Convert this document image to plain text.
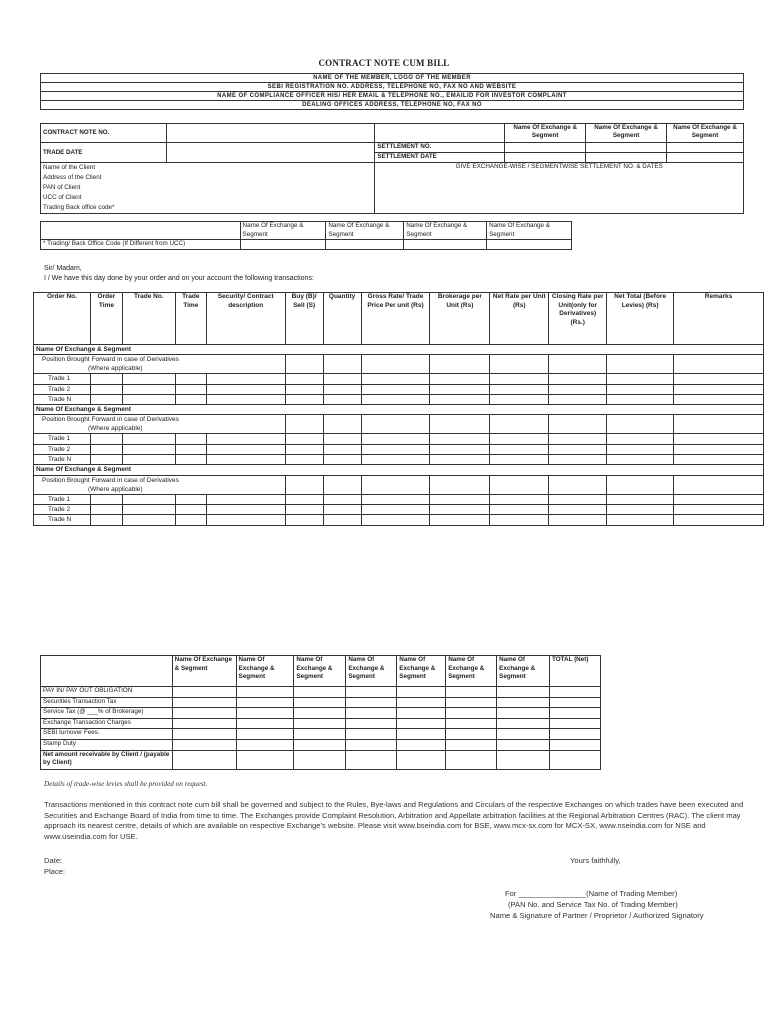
CONTRACT NOTE CUM BILL
NAME OF THE MEMBER, LOGO OF THE MEMBER
SEBI REGISTRATION NO. ADDRESS, TELEPHONE NO, FAX NO AND WEBSITE
NAME OF COMPLIANCE OFFICER HIS/ HER EMAIL & TELEPHONE NO., EMAILID FOR INVESTOR COMPLAINT
DEALING OFFICES ADDRESS, TELEPHONE NO, FAX NO
CONTRACT NOTE NO.			Name Of Exchange & Segment	Name Of Exchange & Segment	Name Of Exchange & Segment
TRADE DATE		SETTLEMENT NO.			
		SETTLEMENT DATE			

Name of the Client
Address of the Client
PAN of Client
UCC of Client
Trading Back office code*		GIVE EXCHANGE-WISE / SEGMENTWISE SETTLEMENT NO. & DATES			
	Name Of Exchange & Segment	Name Of Exchange & Segment	Name Of Exchange & Segment	Name Of Exchange & Segment
* Trading/ Back Office Code (If Different from UCC)				
Sir/ Madam,
I / We have this day done by your order and on your account the following transactions:
Order No.	Order Time	Trade No.	Trade Time	Security/ Contract description	Buy (B)/ Sell (S)	Quantity	Gross Rate/ Trade Price Per unit (Rs)	Brokerage per Unit (Rs)	Net Rate per Unit (Rs)	Closing Rate per Unit(only for Derivatives) (Rs.)	Net Total (Before Levies) (Rs)	Remarks
Name Of Exchange & Segment												

Position Brought Forward in case of Derivatives
(Where applicable)												

Trade 1												
Trade 2												
Trade N												
Name Of Exchange & Segment												

Position Brought Forward in case of Derivatives
(Where applicable)												

Trade 1												
Trade 2												
Trade N												
Name Of Exchange & Segment												

Position Brought Forward in case of Derivatives
(Where applicable)												

Trade 1												
Trade 2												
Trade N												
	Name Of Exchange & Segment	Name Of Exchange & Segment	Name Of Exchange & Segment	Name Of Exchange & Segment	Name Of Exchange & Segment	Name Of Exchange & Segment	Name Of Exchange & Segment	TOTAL (Net)
PAY IN/ PAY OUT OBLIGATION								
Securities Transaction Tax								
Service Tax (@ ___% of Brokerage)								
Exchange Transaction Charges								
SEBI turnover Fees.								
Stamp Duty								
Net amount receivable by Client / (payable by Client)								
Details of trade-wise levies shall be provided on request.
Transactions mentioned in this contract note cum bill shall be governed and subject to the Rules, Bye-laws and Regulations and Circulars of the respective Exchanges on which trades have been executed and Securities and Exchange Board of India from time to time. The Exchanges provide Complaint Resolution, Arbitration and Appellate arbitration facilities at the Regional Arbitration Centres (RAC). The client may approach its nearest centre, details of which are available on respective Exchange’s website. Please visit www.bseindia.com for BSE, www.mcx-sx.com for MCX-SX, www.nseindia.com for NSE and www.useindia.com for USE.
Date:
Place:
Yours faithfully,
For ________________(Name of Trading Member)
(PAN No. and Service Tax No. of Trading Member)
Name & Signature of Partner / Proprietor / Authorized Signatory
